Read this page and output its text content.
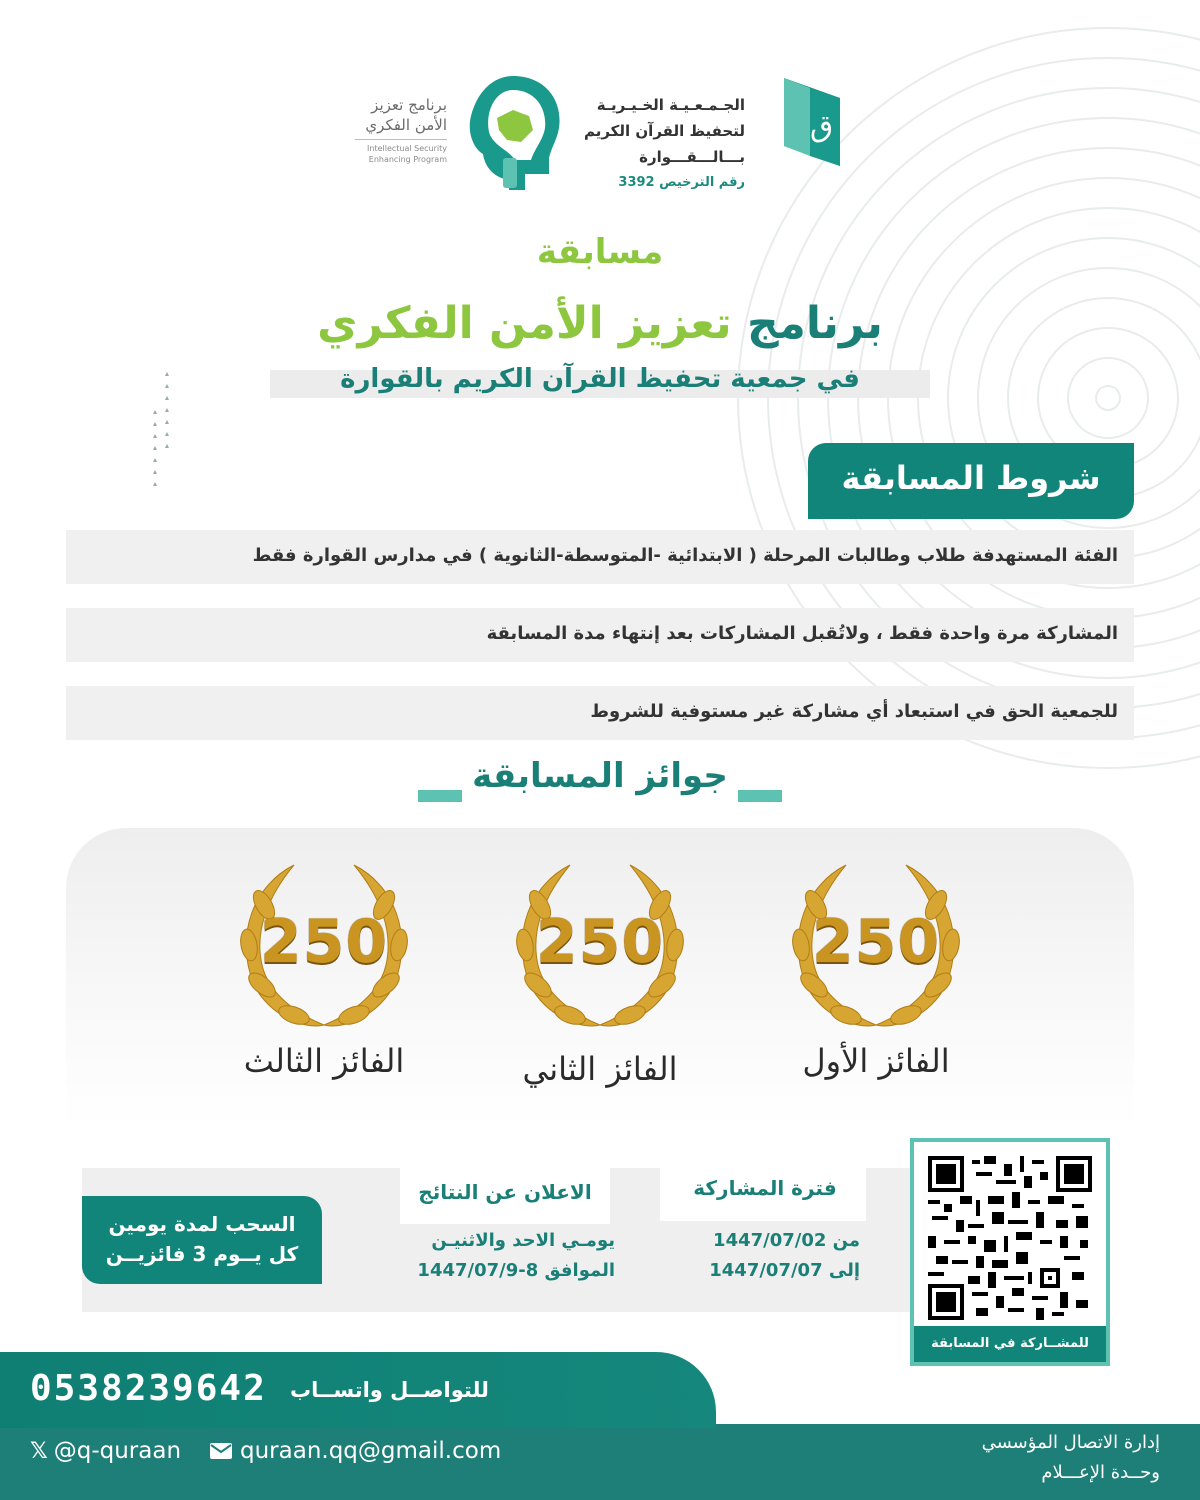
ق
الجـمـعـيـة الخـيـريـة
لتحفيظ القرآن الكريم
بـــالـــقـــوارة
رقم الترخيص 3392
برنامج تعزيز
الأمن الفكري
Intellectual Security
Enhancing Program
مسابقة
برنامج تعزيز الأمن الفكري
في جمعية تحفيظ القرآن الكريم بالقوارة
شروط المسابقة
الفئة المستهدفة طلاب وطالبات المرحلة ( الابتدائية -المتوسطة-الثانوية ) في مدارس القوارة فقط
المشاركة مرة واحدة فقط ، ولاتُقبل المشاركات بعد إنتهاء مدة المسابقة
للجمعية الحق في استبعاد أي مشاركة غير مستوفية للشروط
جوائز المسابقة
250
250
250
الفائز الأول
الفائز الثاني
الفائز الثالث
فترة المشاركة
من 1447/07/02
إلى 1447/07/07
الاعلان عن النتائج
يومـي الاحد والاثنيـن
الموافق 8-1447/07/9
السحب لمدة يومين
كل يــوم 3 فائزيــن
للمشــاركة في المسابقة
0538239642 للتواصــل واتســاب
𝕏 @q-quraan	quraan.qq@gmail.com	إدارة الاتصال المؤسسي
وحــدة الإعـــلام
